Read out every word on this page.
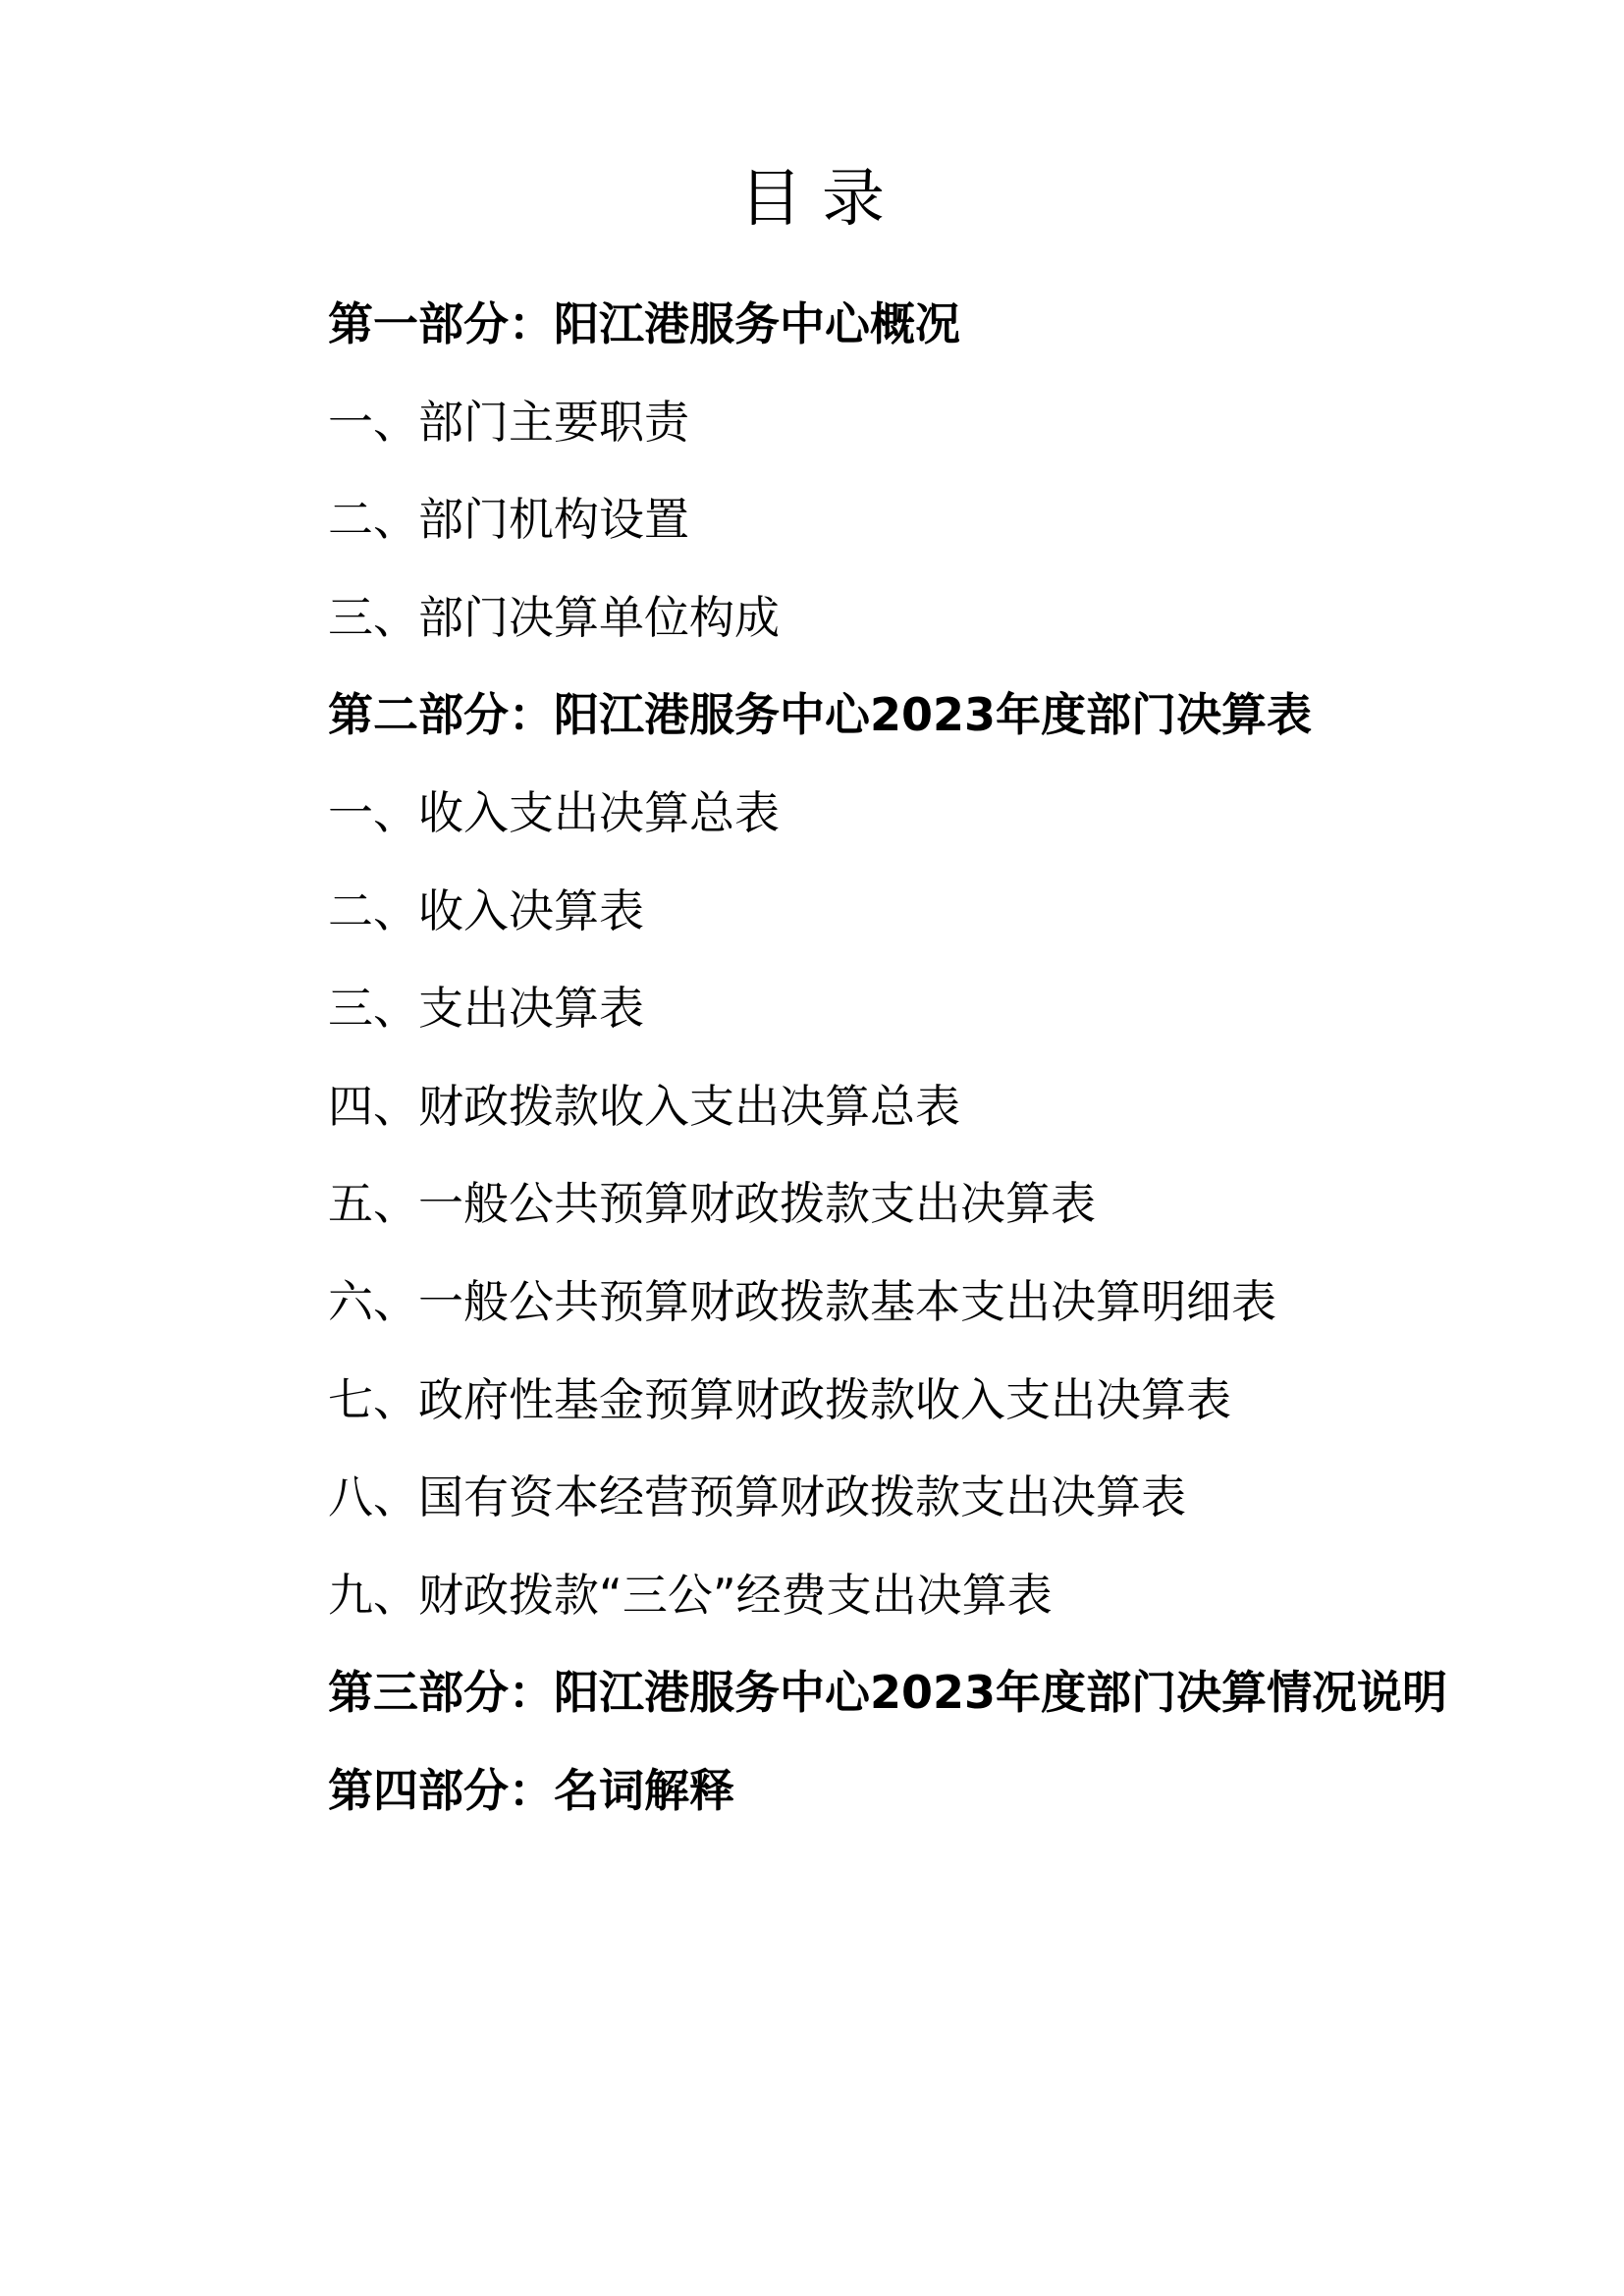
目录
第一部分：阳江港服务中心概况
一、部门主要职责
二、部门机构设置
三、部门决算单位构成
第二部分：阳江港服务中心2023年度部门决算表
一、收入支出决算总表
二、收入决算表
三、支出决算表
四、财政拨款收入支出决算总表
五、一般公共预算财政拨款支出决算表
六、一般公共预算财政拨款基本支出决算明细表
七、政府性基金预算财政拨款收入支出决算表
八、国有资本经营预算财政拨款支出决算表
九、财政拨款“三公”经费支出决算表
第三部分：阳江港服务中心2023年度部门决算情况说明
第四部分：名词解释
